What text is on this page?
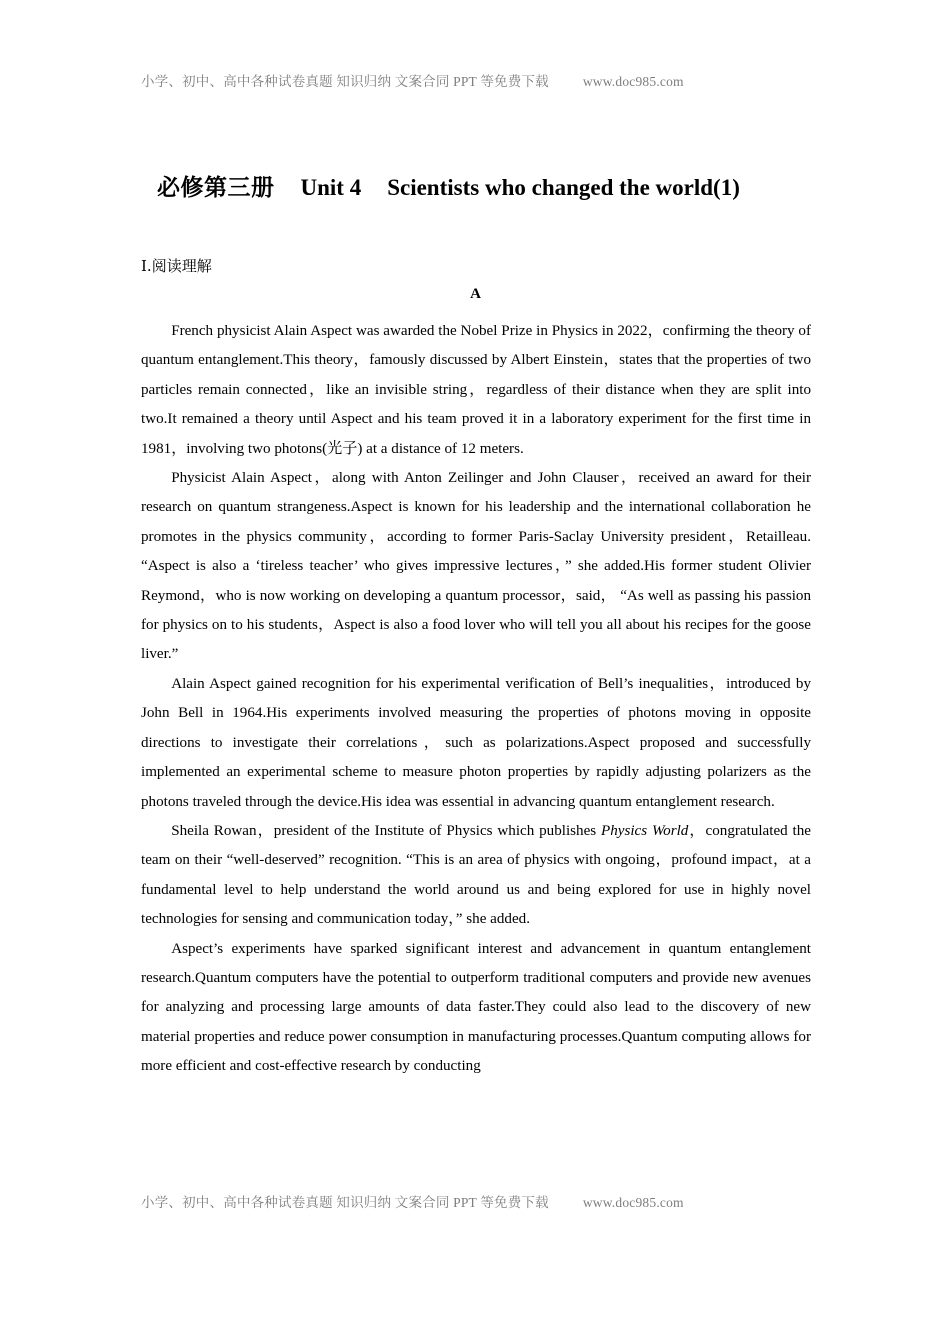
小学、初中、高中各种试卷真题 知识归纳 文案合同 PPT 等免费下载	www.doc985.com
必修第三册 Unit 4 Scientists who changed the world(1)
Ⅰ.阅读理解
A

French physicist Alain Aspect was awarded the Nobel Prize in Physics in 2022，confirming the theory of quantum entanglement.This theory，famously discussed by Albert Einstein，states that the properties of two particles remain connected，like an invisible string，regardless of their distance when they are split into two.It remained a theory until Aspect and his team proved it in a laboratory experiment for the first time in 1981，involving two photons(光子) at a distance of 12 meters.

Physicist Alain Aspect，along with Anton Zeilinger and John Clauser，received an award for their research on quantum strangeness.Aspect is known for his leadership and the international collaboration he promotes in the physics community，according to former Paris-Saclay University president，Retailleau. “Aspect is also a ‘tireless teacher’ who gives impressive lectures，” she added.His former student Olivier Reymond，who is now working on developing a quantum processor，said， “As well as passing his passion for physics on to his students，Aspect is also a food lover who will tell you all about his recipes for the goose liver.”

Alain Aspect gained recognition for his experimental verification of Bell’s inequalities，introduced by John Bell in 1964.His experiments involved measuring the properties of photons moving in opposite directions to investigate their correlations，such as polarizations.Aspect proposed and successfully implemented an experimental scheme to measure photon properties by rapidly adjusting polarizers as the photons traveled through the device.His idea was essential in advancing quantum entanglement research.

Sheila Rowan，president of the Institute of Physics which publishes Physics World，congratulated the team on their “well-deserved” recognition. “This is an area of physics with ongoing，profound impact，at a fundamental level to help understand the world around us and being explored for use in highly novel technologies for sensing and communication today，” she added.

Aspect’s experiments have sparked significant interest and advancement in quantum entanglement research.Quantum computers have the potential to outperform traditional computers and provide new avenues for analyzing and processing large amounts of data faster.They could also lead to the discovery of new material properties and reduce power consumption in manufacturing processes.Quantum computing allows for more efficient and cost-effective research by conducting

小学、初中、高中各种试卷真题 知识归纳 文案合同 PPT 等免费下载	www.doc985.com
